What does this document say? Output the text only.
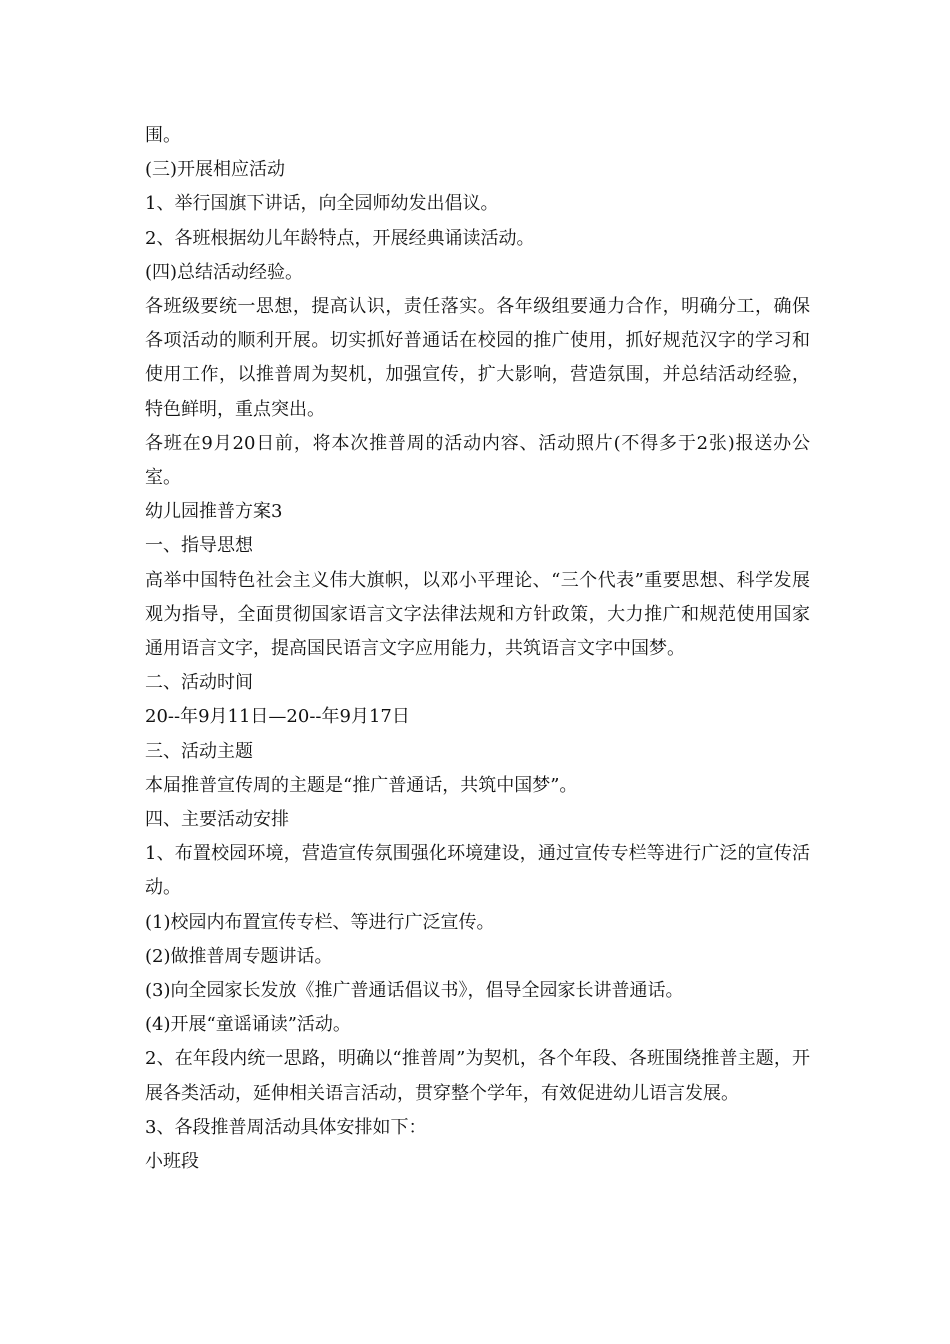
围。

(三)开展相应活动

1、举行国旗下讲话，向全园师幼发出倡议。

2、各班根据幼儿年龄特点，开展经典诵读活动。

(四)总结活动经验。

各班级要统一思想，提高认识，责任落实。各年级组要通力合作，明确分工，确保各项活动的顺利开展。切实抓好普通话在校园的推广使用，抓好规范汉字的学习和使用工作，以推普周为契机，加强宣传，扩大影响，营造氛围，并总结活动经验，特色鲜明，重点突出。

各班在9月20日前，将本次推普周的活动内容、活动照片(不得多于2张)报送办公室。

幼儿园推普方案3

一、指导思想

高举中国特色社会主义伟大旗帜，以邓小平理论、“三个代表”重要思想、科学发展观为指导，全面贯彻国家语言文字法律法规和方针政策，大力推广和规范使用国家通用语言文字，提高国民语言文字应用能力，共筑语言文字中国梦。

二、活动时间

20--年9月11日—20--年9月17日

三、活动主题

本届推普宣传周的主题是“推广普通话，共筑中国梦”。

四、主要活动安排

1、布置校园环境，营造宣传氛围强化环境建设，通过宣传专栏等进行广泛的宣传活动。

(1)校园内布置宣传专栏、等进行广泛宣传。

(2)做推普周专题讲话。

(3)向全园家长发放《推广普通话倡议书》，倡导全园家长讲普通话。

(4)开展“童谣诵读”活动。

2、在年段内统一思路，明确以“推普周”为契机，各个年段、各班围绕推普主题，开展各类活动，延伸相关语言活动，贯穿整个学年，有效促进幼儿语言发展。

3、各段推普周活动具体安排如下：

小班段
